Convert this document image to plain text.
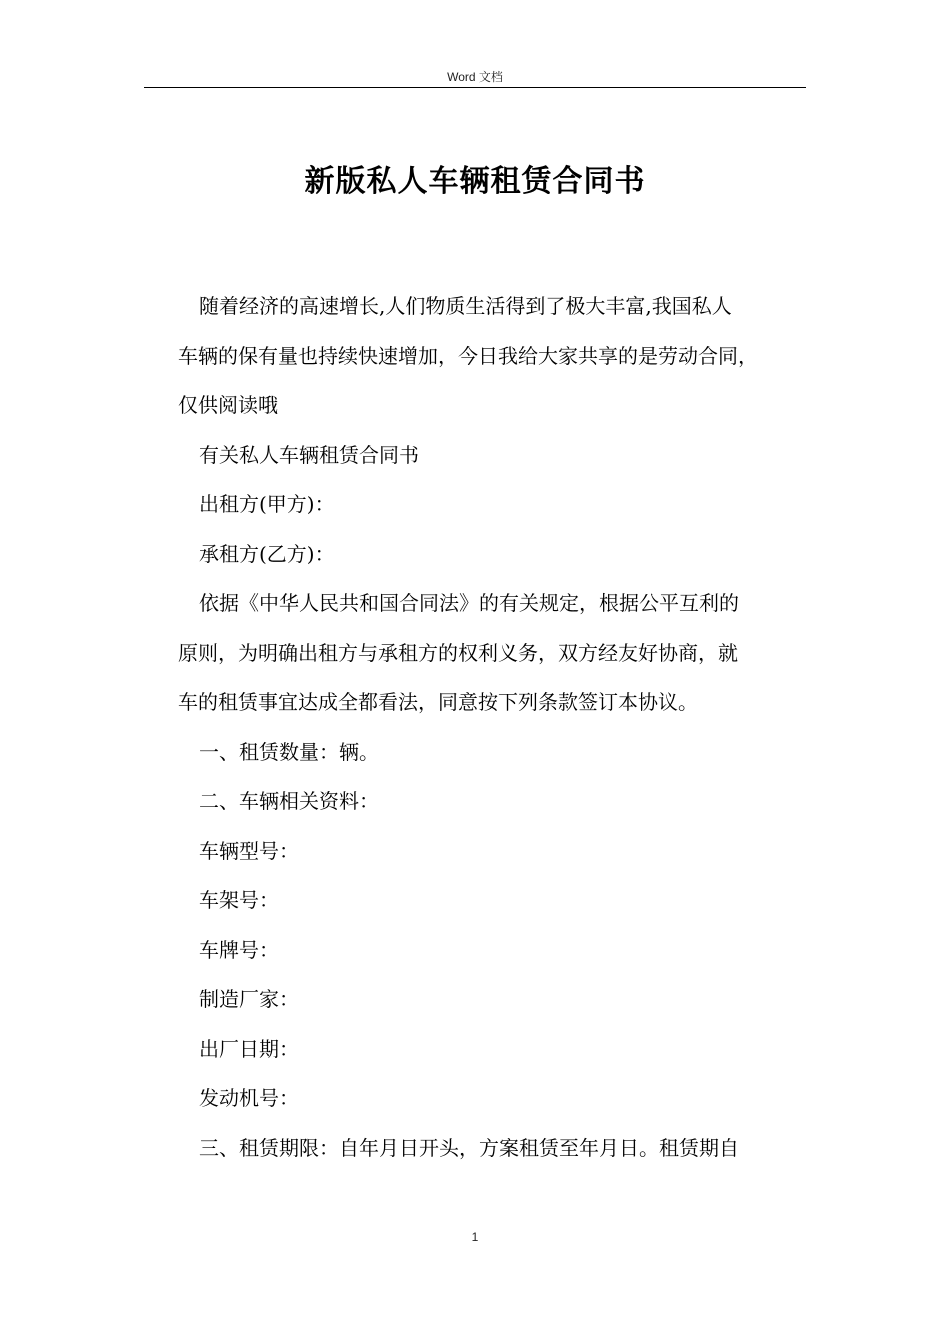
Word 文档
新版私人车辆租赁合同书
随着经济的高速增长,人们物质生活得到了极大丰富,我国私人
车辆的保有量也持续快速增加，今日我给大家共享的是劳动合同，
仅供阅读哦
有关私人车辆租赁合同书
出租方(甲方)：
承租方(乙方)：
依据《中华人民共和国合同法》的有关规定，根据公平互利的
原则，为明确出租方与承租方的权利义务，双方经友好协商，就
车的租赁事宜达成全都看法，同意按下列条款签订本协议。
一、租赁数量：辆。
二、车辆相关资料：
车辆型号：
车架号：
车牌号：
制造厂家：
出厂日期：
发动机号：
三、租赁期限：自年月日开头，方案租赁至年月日。租赁期自
1
